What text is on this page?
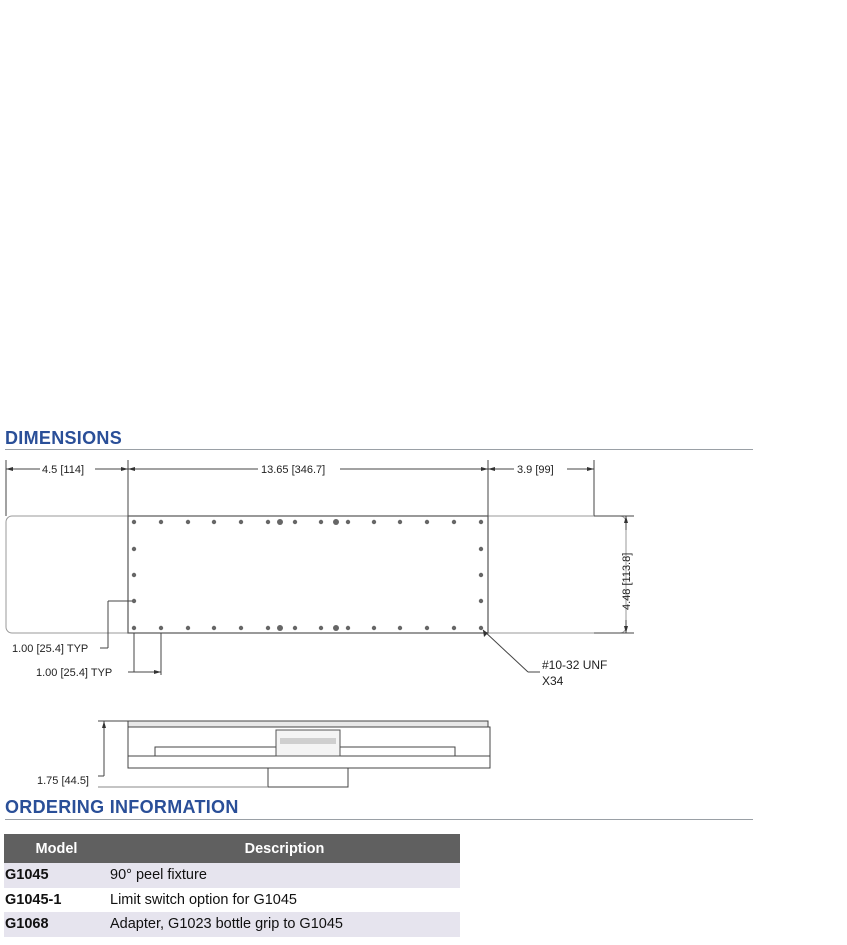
DIMENSIONS
4.5 [114]	13.65 [346.7]	3.9 [99]
4.48 [113.8]
1.00 [25.4] TYP
1.00 [25.4] TYP
#10-32 UNF
X34
1.75 [44.5]
ORDERING INFORMATION
Model	Description
G1045	90° peel fixture
G1045-1	Limit switch option for G1045
G1068	Adapter, G1023 bottle grip to G1045
